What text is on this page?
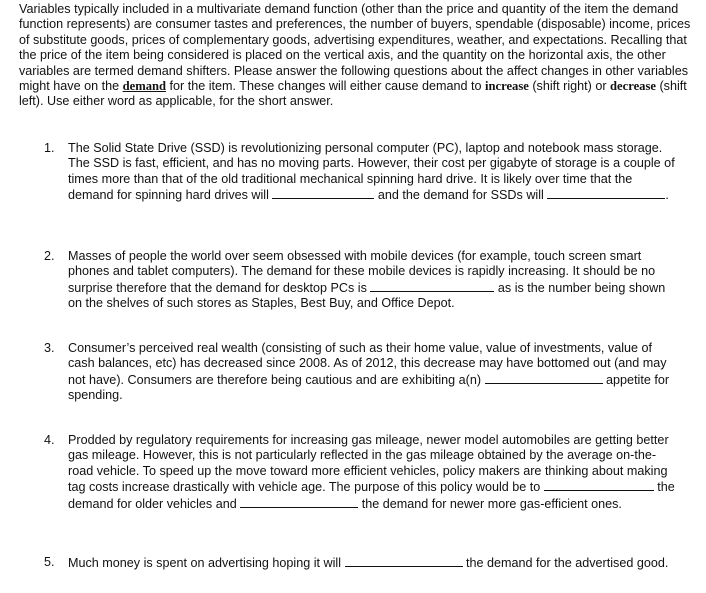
Variables typically included in a multivariate demand function (other than the price and quantity of the item the demand function represents) are consumer tastes and preferences, the number of buyers, spendable (disposable) income, prices of substitute goods, prices of complementary goods, advertising expenditures, weather, and expectations. Recalling that the price of the item being considered is placed on the vertical axis, and the quantity on the horizontal axis, the other variables are termed demand shifters. Please answer the following questions about the affect changes in other variables might have on the demand for the item. These changes will either cause demand to increase (shift right) or decrease (shift left). Use either word as applicable, for the short answer.
1. The Solid State Drive (SSD) is revolutionizing personal computer (PC), laptop and notebook mass storage. The SSD is fast, efficient, and has no moving parts. However, their cost per gigabyte of storage is a couple of times more than that of the old traditional mechanical spinning hard drive. It is likely over time that the demand for spinning hard drives will	and the demand for SSDs will	.
2. Masses of people the world over seem obsessed with mobile devices (for example, touch screen smart phones and tablet computers). The demand for these mobile devices is rapidly increasing. It should be no surprise therefore that the demand for desktop PCs is	as is the number being shown on the shelves of such stores as Staples, Best Buy, and Office Depot.
3. Consumer’s perceived real wealth (consisting of such as their home value, value of investments, value of cash balances, etc) has decreased since 2008. As of 2012, this decrease may have bottomed out (and may not have). Consumers are therefore being cautious and are exhibiting a(n)	appetite for spending.
4. Prodded by regulatory requirements for increasing gas mileage, newer model automobiles are getting better gas mileage. However, this is not particularly reflected in the gas mileage obtained by the average on-the-road vehicle. To speed up the move toward more efficient vehicles, policy makers are thinking about making tag costs increase drastically with vehicle age. The purpose of this policy would be to	the demand for older vehicles and	the demand for newer more gas-efficient ones.
5. Much money is spent on advertising hoping it will	the demand for the advertised good.
